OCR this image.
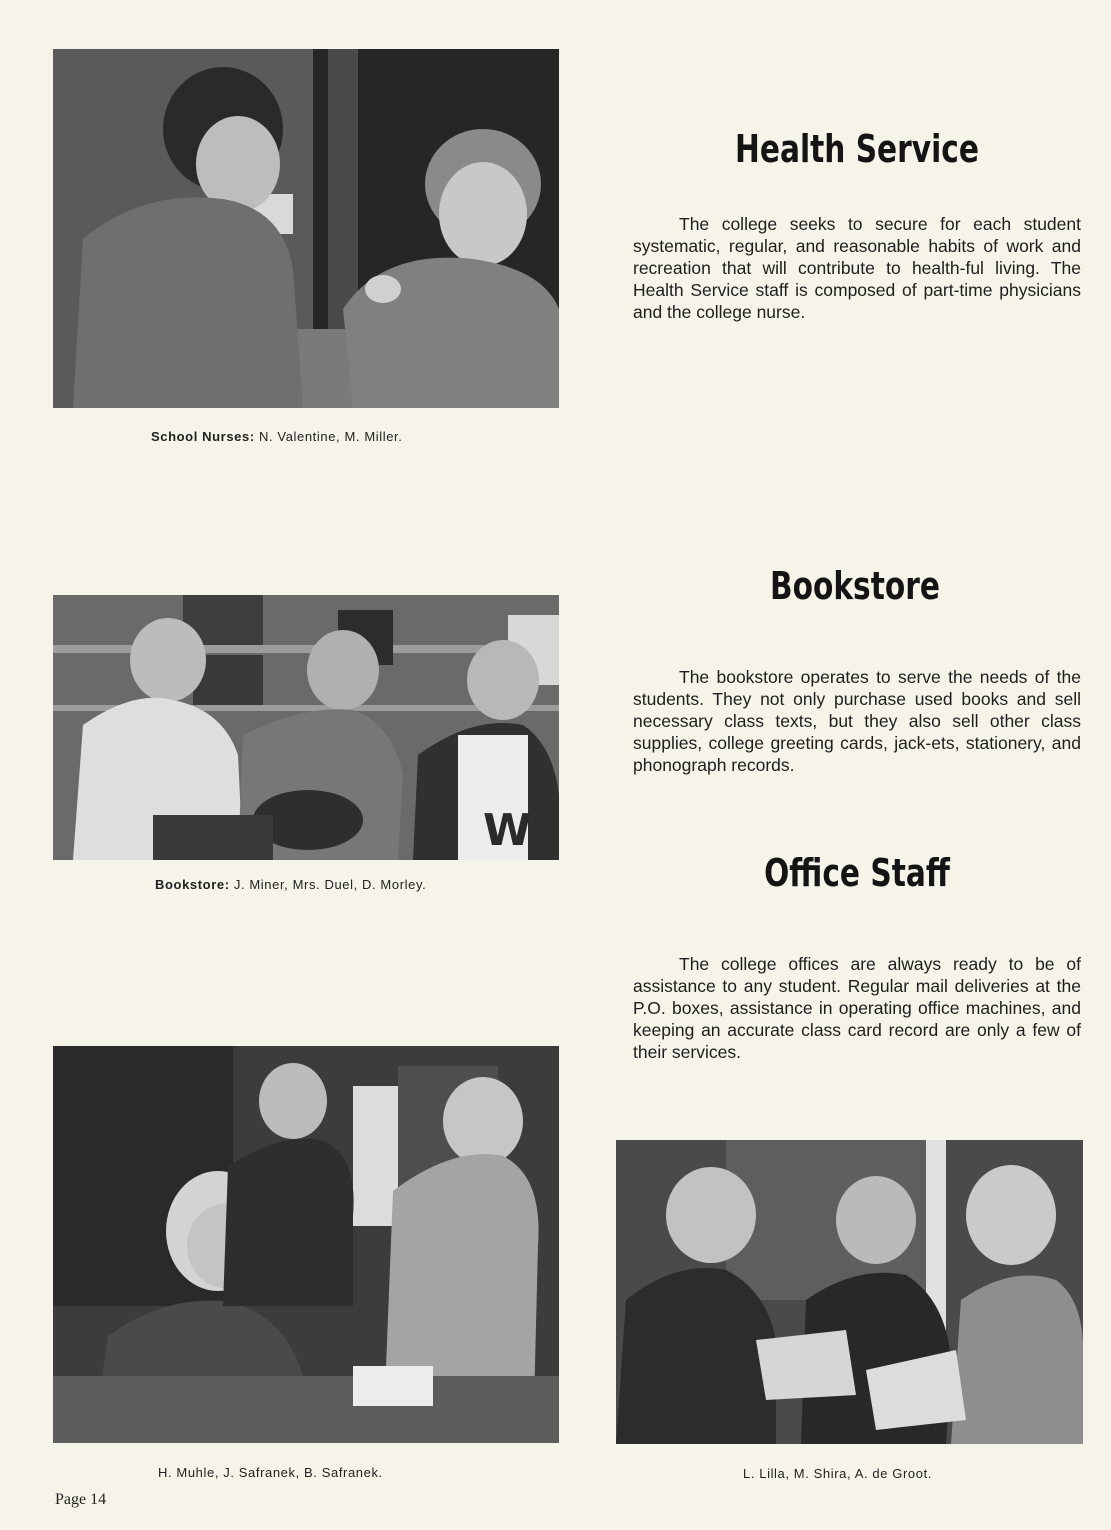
School Nurses: N. Valentine, M. Miller.
Health Service

The college seeks to secure for each student systematic, regular, and reasonable habits of work and recreation that will contribute to health-ful living. The Health Service staff is composed of part-time physicians and the college nurse.

W
Bookstore: J. Miner, Mrs. Duel, D. Morley.
Bookstore

The bookstore operates to serve the needs of the students. They not only purchase used books and sell necessary class texts, but they also sell other class supplies, college greeting cards, jack-ets, stationery, and phonograph records.

Office Staff

The college offices are always ready to be of assistance to any student. Regular mail deliveries at the P.O. boxes, assistance in operating office machines, and keeping an accurate class card record are only a few of their services.

H. Muhle, J. Safranek, B. Safranek.	L. Lilla, M. Shira, A. de Groot.
Page 14
